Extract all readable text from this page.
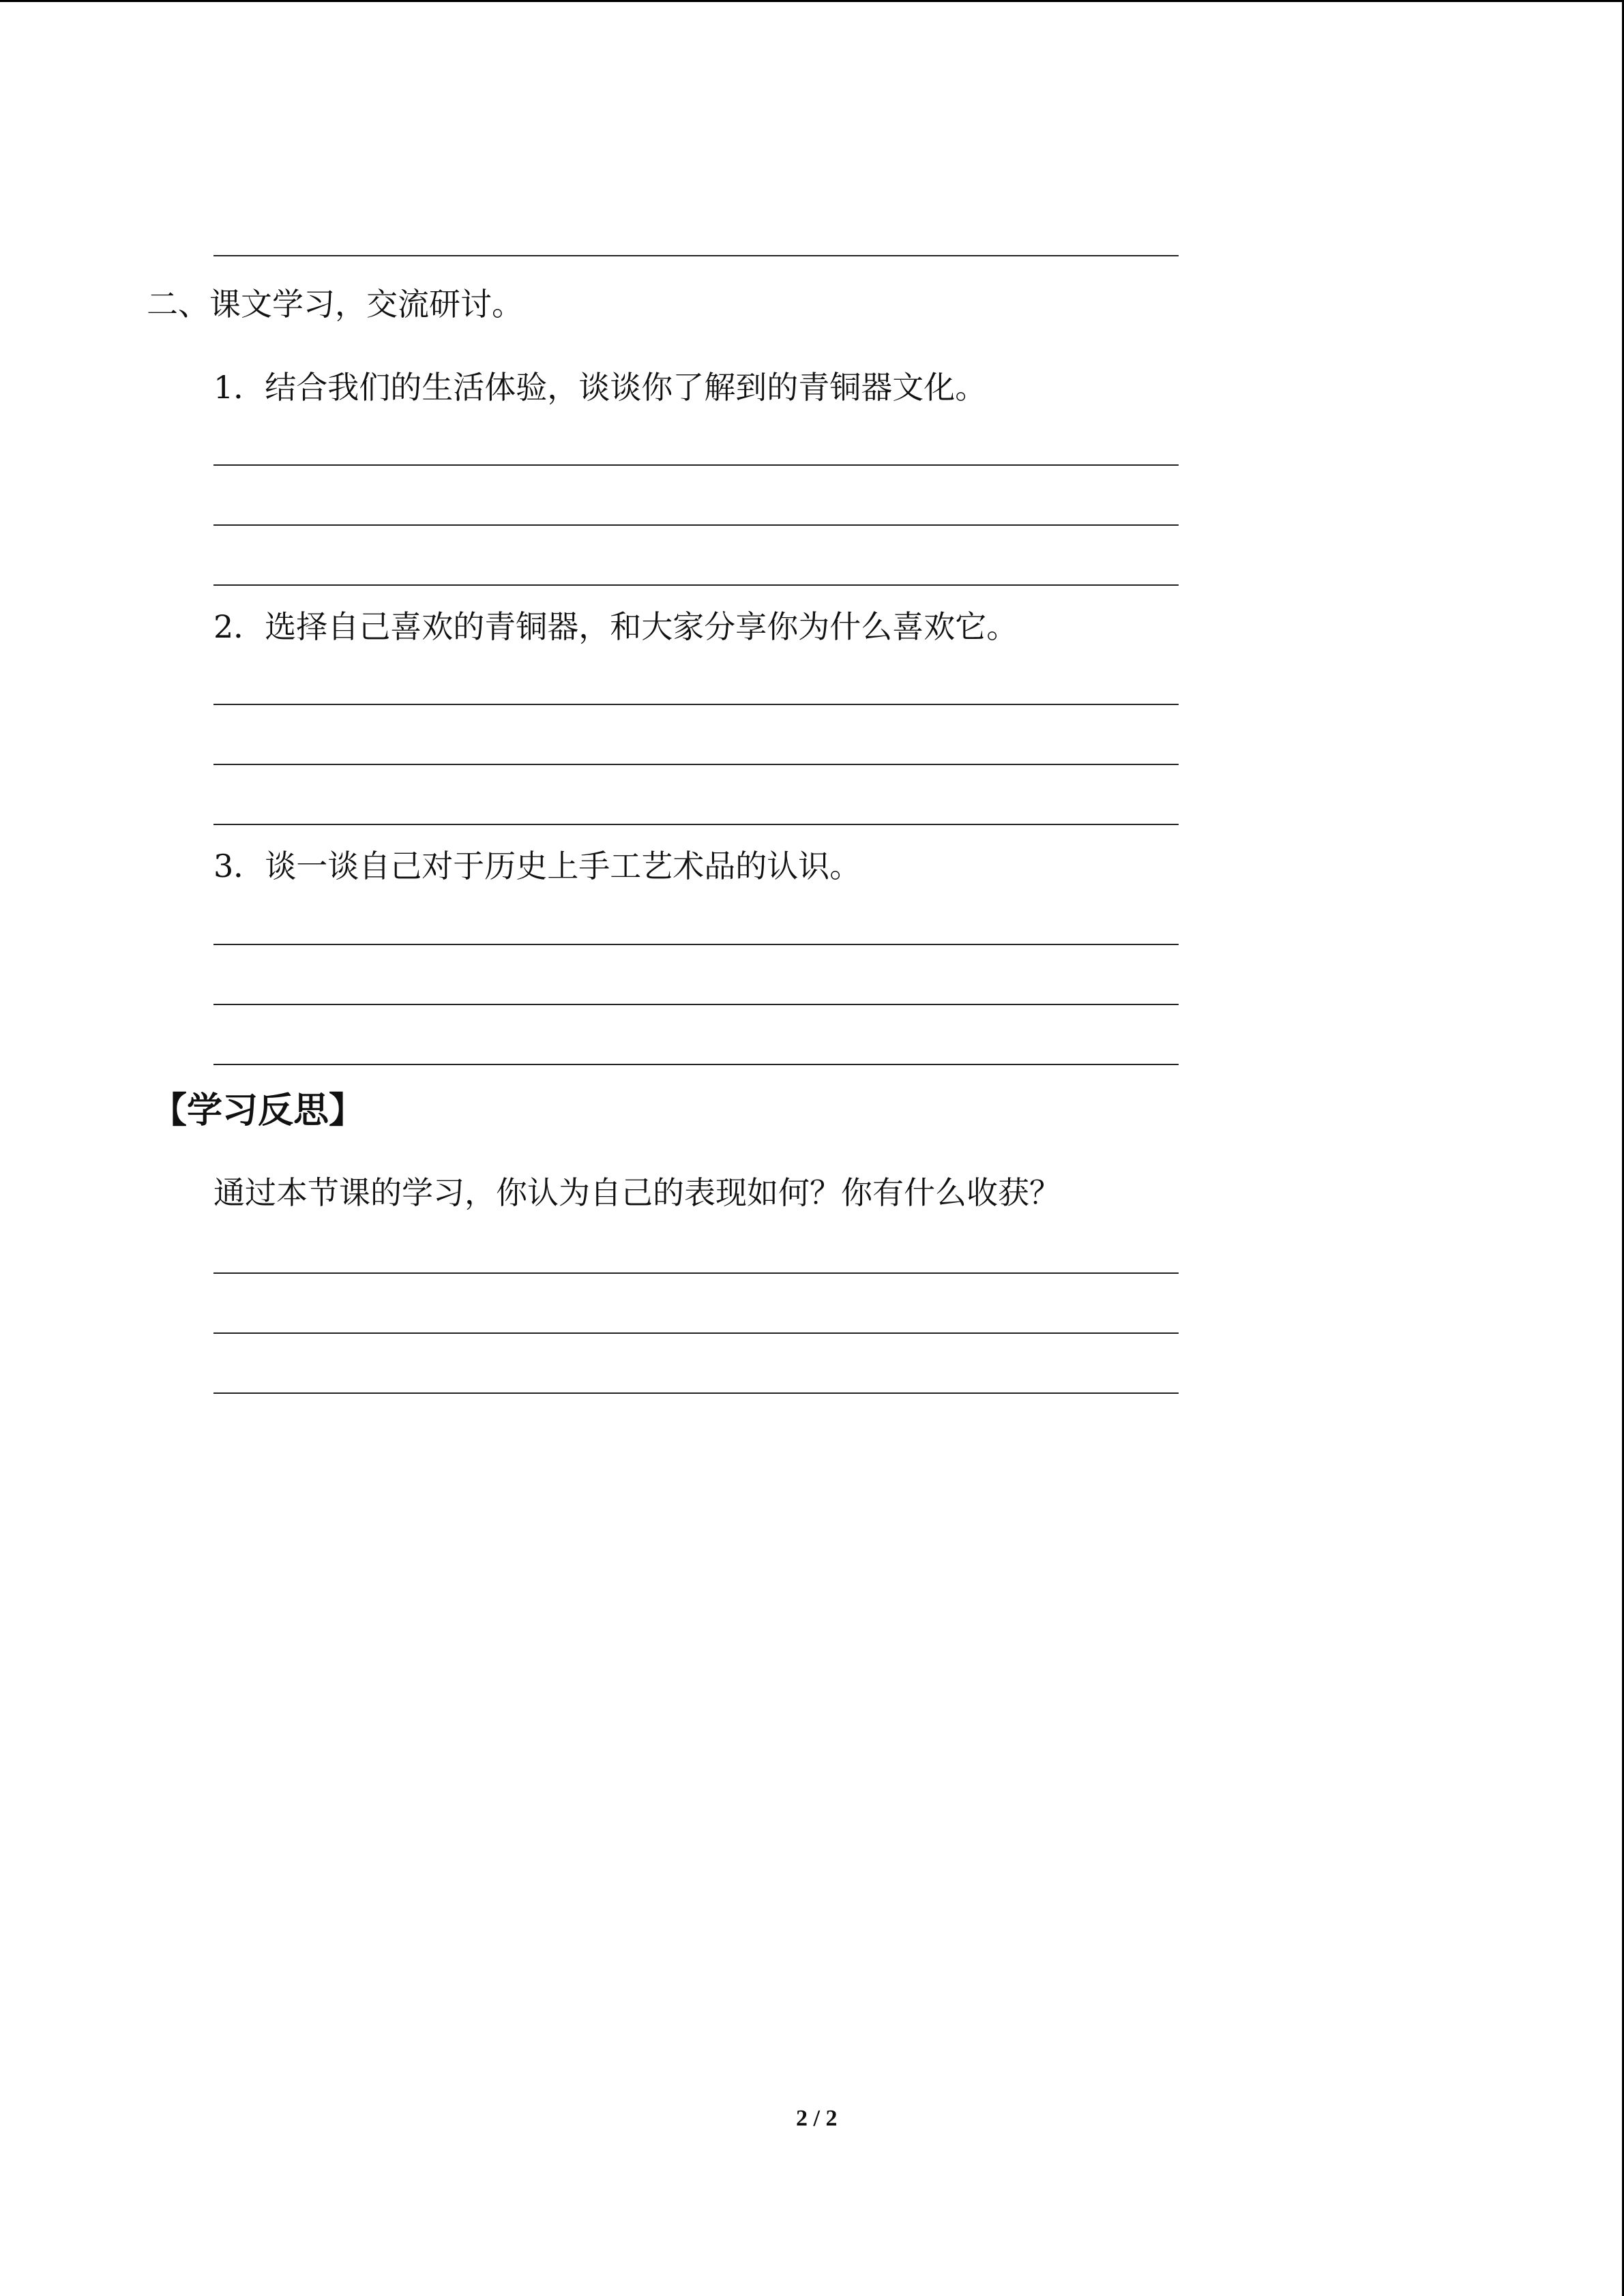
二、课文学习，交流研讨。
1．结合我们的生活体验，谈谈你了解到的青铜器文化。
2．选择自己喜欢的青铜器，和大家分享你为什么喜欢它。
3．谈一谈自己对于历史上手工艺术品的认识。
【学习反思】
通过本节课的学习，你认为自己的表现如何？你有什么收获？
2 / 2
